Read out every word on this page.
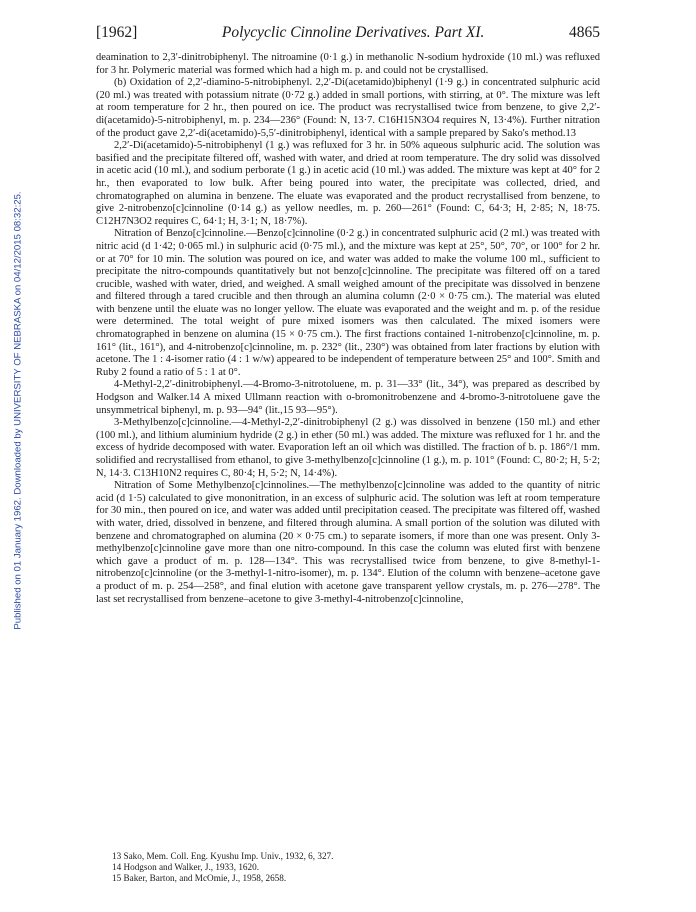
Published on 01 January 1962. Downloaded by UNIVERSITY OF NEBRASKA on 04/12/2015 08:32:25.
[1962]	Polycyclic Cinnoline Derivatives. Part XI.	4865

deamination to 2,3′-dinitrobiphenyl. The nitroamine (0·1 g.) in methanolic N-sodium hydroxide (10 ml.) was refluxed for 3 hr. Polymeric material was formed which had a high m. p. and could not be crystallised.

(b) Oxidation of 2,2′-diamino-5-nitrobiphenyl. 2,2′-Di(acetamido)biphenyl (1·9 g.) in concentrated sulphuric acid (20 ml.) was treated with potassium nitrate (0·72 g.) added in small portions, with stirring, at 0°. The mixture was left at room temperature for 2 hr., then poured on ice. The product was recrystallised twice from benzene, to give 2,2′-di(acetamido)-5-nitrobiphenyl, m. p. 234—236° (Found: N, 13·7. C16H15N3O4 requires N, 13·4%). Further nitration of the product gave 2,2′-di(acetamido)-5,5′-dinitrobiphenyl, identical with a sample prepared by Sako's method.13

2,2′-Di(acetamido)-5-nitrobiphenyl (1 g.) was refluxed for 3 hr. in 50% aqueous sulphuric acid. The solution was basified and the precipitate filtered off, washed with water, and dried at room temperature. The dry solid was dissolved in acetic acid (10 ml.), and sodium perborate (1 g.) in acetic acid (10 ml.) was added. The mixture was kept at 40° for 2 hr., then evaporated to low bulk. After being poured into water, the precipitate was collected, dried, and chromatographed on alumina in benzene. The eluate was evaporated and the product recrystallised from benzene, to give 2-nitrobenzo[c]cinnoline (0·14 g.) as yellow needles, m. p. 260—261° (Found: C, 64·3; H, 2·85; N, 18·75. C12H7N3O2 requires C, 64·1; H, 3·1; N, 18·7%).

Nitration of Benzo[c]cinnoline.—Benzo[c]cinnoline (0·2 g.) in concentrated sulphuric acid (2 ml.) was treated with nitric acid (d 1·42; 0·065 ml.) in sulphuric acid (0·75 ml.), and the mixture was kept at 25°, 50°, 70°, or 100° for 2 hr. or at 70° for 10 min. The solution was poured on ice, and water was added to make the volume 100 ml., sufficient to precipitate the nitro-compounds quantitatively but not benzo[c]cinnoline. The precipitate was filtered off on a tared crucible, washed with water, dried, and weighed. A small weighed amount of the precipitate was dissolved in benzene and filtered through a tared crucible and then through an alumina column (2·0 × 0·75 cm.). The material was eluted with benzene until the eluate was no longer yellow. The eluate was evaporated and the weight and m. p. of the residue were determined. The total weight of pure mixed isomers was then calculated. The mixed isomers were chromatographed in benzene on alumina (15 × 0·75 cm.). The first fractions contained 1-nitrobenzo[c]cinnoline, m. p. 161° (lit., 161°), and 4-nitrobenzo[c]cinnoline, m. p. 232° (lit., 230°) was obtained from later fractions by elution with acetone. The 1 : 4-isomer ratio (4 : 1 w/w) appeared to be independent of temperature between 25° and 100°. Smith and Ruby 2 found a ratio of 5 : 1 at 0°.

4-Methyl-2,2′-dinitrobiphenyl.—4-Bromo-3-nitrotoluene, m. p. 31—33° (lit., 34°), was prepared as described by Hodgson and Walker.14 A mixed Ullmann reaction with o-bromonitrobenzene and 4-bromo-3-nitrotoluene gave the unsymmetrical biphenyl, m. p. 93—94° (lit.,15 93—95°).

3-Methylbenzo[c]cinnoline.—4-Methyl-2,2′-dinitrobiphenyl (2 g.) was dissolved in benzene (150 ml.) and ether (100 ml.), and lithium aluminium hydride (2 g.) in ether (50 ml.) was added. The mixture was refluxed for 1 hr. and the excess of hydride decomposed with water. Evaporation left an oil which was distilled. The fraction of b. p. 186°/1 mm. solidified and recrystallised from ethanol, to give 3-methylbenzo[c]cinnoline (1 g.), m. p. 101° (Found: C, 80·2; H, 5·2; N, 14·3. C13H10N2 requires C, 80·4; H, 5·2; N, 14·4%).

Nitration of Some Methylbenzo[c]cinnolines.—The methylbenzo[c]cinnoline was added to the quantity of nitric acid (d 1·5) calculated to give mononitration, in an excess of sulphuric acid. The solution was left at room temperature for 30 min., then poured on ice, and water was added until precipitation ceased. The precipitate was filtered off, washed with water, dried, dissolved in benzene, and filtered through alumina. A small portion of the solution was diluted with benzene and chromatographed on alumina (20 × 0·75 cm.) to separate isomers, if more than one was present. Only 3-methylbenzo[c]cinnoline gave more than one nitro-compound. In this case the column was eluted first with benzene which gave a product of m. p. 128—134°. This was recrystallised twice from benzene, to give 8-methyl-1-nitrobenzo[c]cinnoline (or the 3-methyl-1-nitro-isomer), m. p. 134°. Elution of the column with benzene–acetone gave a product of m. p. 254—258°, and final elution with acetone gave transparent yellow crystals, m. p. 276—278°. The last set recrystallised from benzene–acetone to give 3-methyl-4-nitrobenzo[c]cinnoline,

13 Sako, Mem. Coll. Eng. Kyushu Imp. Univ., 1932, 6, 327.
14 Hodgson and Walker, J., 1933, 1620.
15 Baker, Barton, and McOmie, J., 1958, 2658.
